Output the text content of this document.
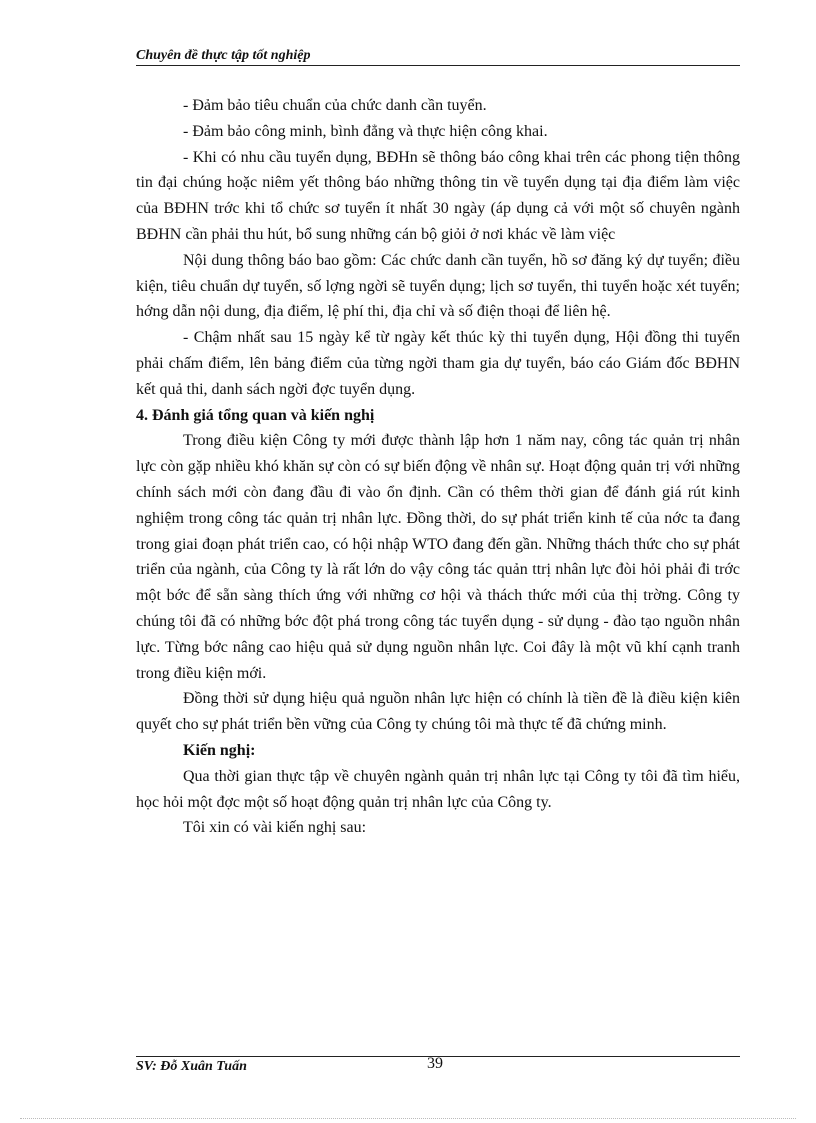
Chuyên đề thực tập tốt nghiệp

- Đảm bảo tiêu chuẩn của chức danh cần tuyển.

- Đảm bảo công minh, bình đẳng và thực hiện công khai.

- Khi có nhu cầu tuyển dụng, BĐHn sẽ thông báo công khai trên các phong tiện thông tin đại chúng hoặc niêm yết thông báo những thông tin về tuyển dụng tại địa điểm làm việc của BĐHN trớc khi tổ chức sơ tuyển ít nhất 30 ngày (áp dụng cả với một số chuyên ngành BĐHN cần phải thu hút, bổ sung những cán bộ giỏi ở nơi khác về làm việc

Nội dung thông báo bao gồm: Các chức danh cần tuyển, hồ sơ đăng ký dự tuyển; điều kiện, tiêu chuẩn dự tuyển, số lợng ngời sẽ tuyển dụng; lịch sơ tuyển, thi tuyển hoặc xét tuyển; hớng dẫn nội dung, địa điểm, lệ phí thi, địa chỉ và số điện thoại để liên hệ.

- Chậm nhất sau 15 ngày kể từ ngày kết thúc kỳ thi tuyển dụng, Hội đồng thi tuyển phải chấm điểm, lên bảng điểm của từng ngời tham gia dự tuyển, báo cáo Giám đốc BĐHN kết quả thi, danh sách ngời đợc tuyển dụng.

4. Đánh giá tổng quan và kiến nghị

Trong điều kiện Công ty mới được thành lập hơn 1 năm nay, công tác quản trị nhân lực còn gặp nhiều khó khăn sự còn có sự biến động về nhân sự. Hoạt động quản trị với những chính sách mới còn đang đầu đi vào ổn định. Cần có thêm thời gian để đánh giá rút kinh nghiệm trong công tác quản trị nhân lực. Đồng thời, do sự phát triển kinh tế của nớc ta đang trong giai đoạn phát triển cao, có hội nhập WTO đang đến gần. Những thách thức cho sự phát triển của ngành, của Công ty là rất lớn do vậy công tác quản ttrị nhân lực đòi hỏi phải đi trớc một bớc để sẵn sàng thích ứng với những cơ hội và thách thức mới của thị trờng. Công ty chúng tôi đã có những bớc đột phá trong công tác tuyển dụng - sử dụng - đào tạo nguồn nhân lực. Từng bớc nâng cao hiệu quả sử dụng nguồn nhân lực. Coi đây là một vũ khí cạnh tranh trong điều kiện mới.

Đồng thời sử dụng hiệu quả nguồn nhân lực hiện có chính là tiền đề là điều kiện kiên quyết cho sự phát triển bền vững của Công ty chúng tôi mà thực tế đã chứng minh.

Kiến nghị:

Qua thời gian thực tập về chuyên ngành quản trị nhân lực tại Công ty tôi đã tìm hiểu, học hỏi một đợc một số hoạt động quản trị nhân lực của Công ty.

Tôi xin có vài kiến nghị sau:

SV: Đỗ Xuân Tuấn	39
